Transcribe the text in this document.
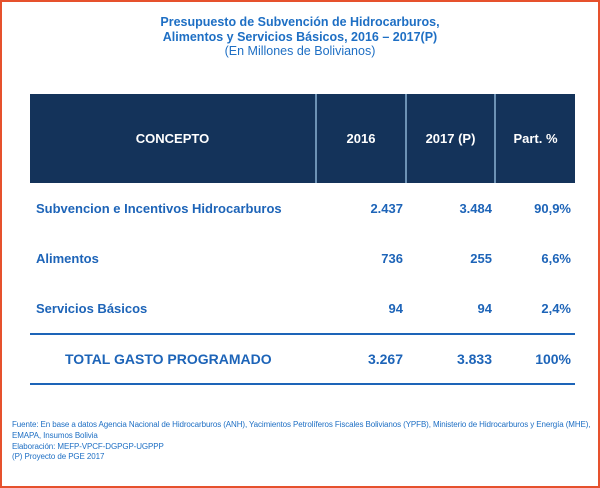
Presupuesto de Subvención de Hidrocarburos,
Alimentos y Servicios Básicos, 2016 – 2017(P)
(En Millones de Bolivianos)
CONCEPTO	2016	2017 (P)	Part. %
Subvencion e Incentivos Hidrocarburos	2.437	3.484	90,9%
Alimentos	736	255	6,6%
Servicios Básicos	94	94	2,4%
TOTAL GASTO PROGRAMADO	3.267	3.833	100%
Fuente: En base a datos Agencia Nacional de Hidrocarburos (ANH), Yacimientos Petrolíferos Fiscales Bolivianos (YPFB), Ministerio de Hidrocarburos y Energía (MHE), EMAPA, Insumos Bolivia
Elaboración: MEFP-VPCF-DGPGP-UGPPP
(P) Proyecto de PGE 2017
